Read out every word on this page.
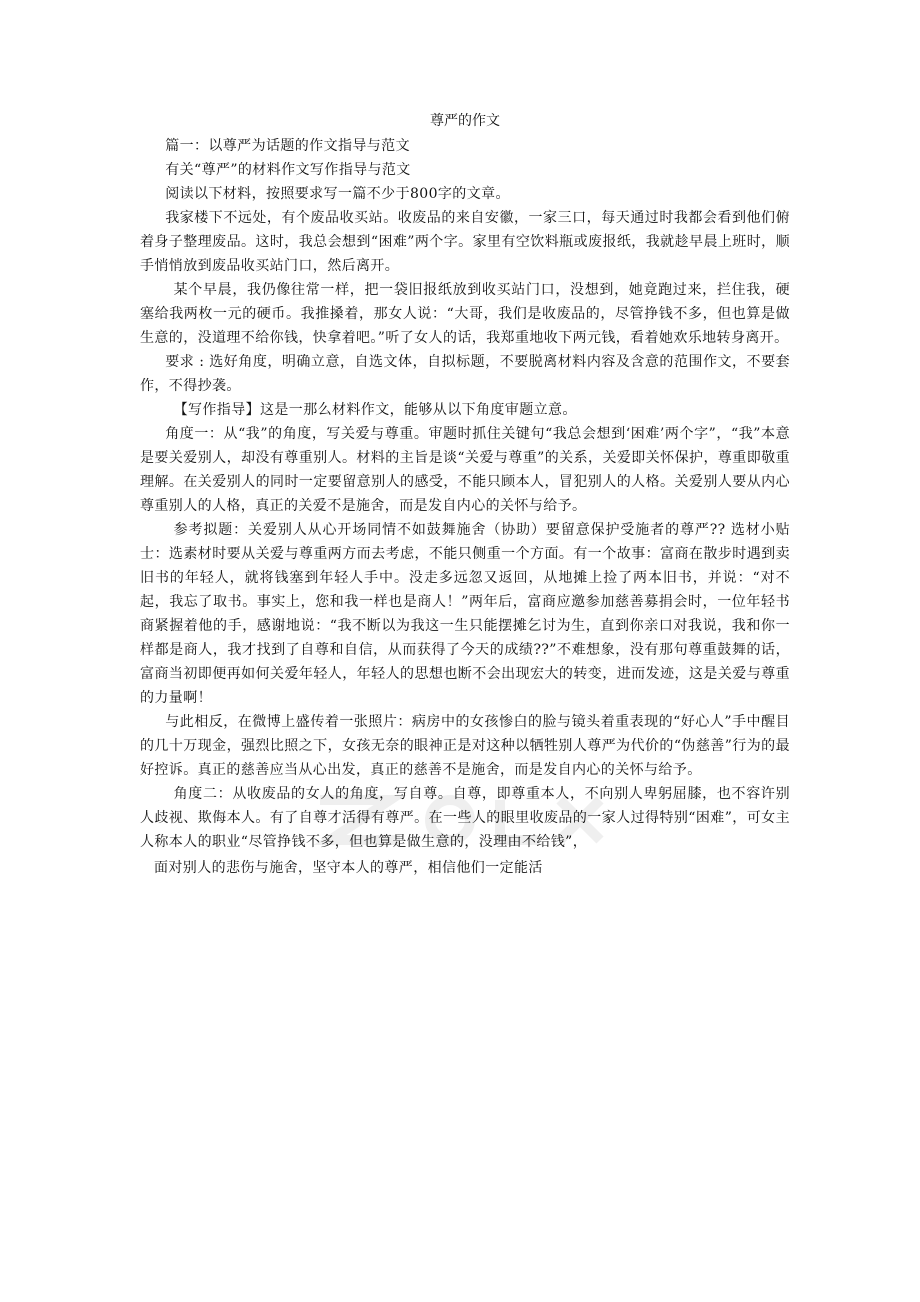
尊严的作文

篇一：以尊严为话题的作文指导与范文

有关“尊严”的材料作文写作指导与范文

阅读以下材料，按照要求写一篇不少于800字的文章。

我家楼下不远处，有个废品收买站。收废品的来自安徽，一家三口，每天通过时我都会看到他们俯着身子整理废品。这时，我总会想到“困难”两个字。家里有空饮料瓶或废报纸，我就趁早晨上班时，顺手悄悄放到废品收买站门口，然后离开。

某个早晨，我仍像往常一样，把一袋旧报纸放到收买站门口，没想到，她竟跑过来，拦住我，硬塞给我两枚一元的硬币。我推搡着，那女人说：“大哥，我们是收废品的，尽管挣钱不多，但也算是做生意的，没道理不给你钱，快拿着吧。”听了女人的话，我郑重地收下两元钱，看着她欢乐地转身离开。

要求 : 选好角度，明确立意，自选文体，自拟标题，不要脱离材料内容及含意的范围作文，不要套作，不得抄袭。

【写作指导】这是一那么材料作文，能够从以下角度审题立意。

角度一：从“我”的角度，写关爱与尊重。审题时抓住关键句“我总会想到‘困难’两个字”，“我”本意是要关爱别人，却没有尊重别人。材料的主旨是谈“关爱与尊重”的关系，关爱即关怀保护，尊重即敬重理解。在关爱别人的同时一定要留意别人的感受，不能只顾本人，冒犯别人的人格。关爱别人要从内心尊重别人的人格，真正的关爱不是施舍，而是发自内心的关怀与给予。

参考拟题：关爱别人从心开场同情不如鼓舞施舍（协助）要留意保护受施者的尊严?? 选材小贴士：选素材时要从关爱与尊重两方而去考虑，不能只侧重一个方面。有一个故事：富商在散步时遇到卖旧书的年轻人，就将钱塞到年轻人手中。没走多远忽又返回，从地摊上捡了两本旧书，并说：“对不起，我忘了取书。事实上，您和我一样也是商人！”两年后，富商应邀参加慈善募捐会时，一位年轻书商紧握着他的手，感谢地说：“我不断以为我这一生只能摆摊乞讨为生，直到你亲口对我说，我和你一样都是商人，我才找到了自尊和自信，从而获得了今天的成绩??”不难想象，没有那句尊重鼓舞的话，富商当初即便再如何关爱年轻人，年轻人的思想也断不会出现宏大的转变，进而发迹，这是关爱与尊重的力量啊！

与此相反，在微博上盛传着一张照片：病房中的女孩惨白的脸与镜头着重表现的“好心人”手中醒目的几十万现金，强烈比照之下，女孩无奈的眼神正是对这种以牺牲别人尊严为代价的“伪慈善”行为的最好控诉。真正的慈善应当从心出发，真正的慈善不是施舍，而是发自内心的关怀与给予。

角度二：从收废品的女人的角度，写自尊。自尊，即尊重本人，不向别人卑躬屈膝，也不容许别人歧视、欺侮本人。有了自尊才活得有尊严。在一些人的眼里收废品的一家人过得特别“困难”，可女主人称本人的职业“尽管挣钱不多，但也算是做生意的，没理由不给钱”，

面对别人的悲伤与施舍，坚守本人的尊严，相信他们一定能活
